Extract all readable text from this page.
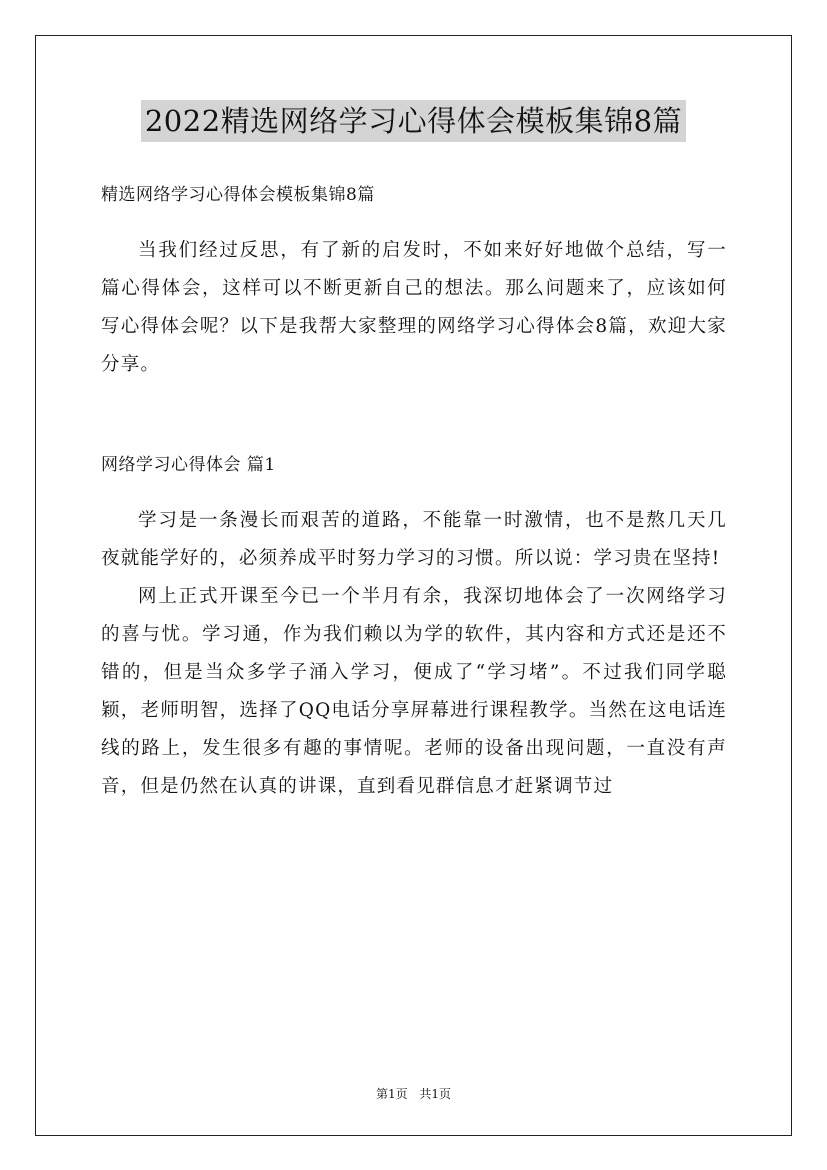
2022精选网络学习心得体会模板集锦8篇

精选网络学习心得体会模板集锦8篇

当我们经过反思，有了新的启发时，不如来好好地做个总结，写一篇心得体会，这样可以不断更新自己的想法。那么问题来了，应该如何写心得体会呢？以下是我帮大家整理的网络学习心得体会8篇，欢迎大家分享。

网络学习心得体会 篇1

学习是一条漫长而艰苦的道路，不能靠一时激情，也不是熬几天几夜就能学好的，必须养成平时努力学习的习惯。所以说：学习贵在坚持!

网上正式开课至今已一个半月有余，我深切地体会了一次网络学习的喜与忧。学习通，作为我们赖以为学的软件，其内容和方式还是还不错的，但是当众多学子涌入学习，便成了“学习堵”。不过我们同学聪颖，老师明智，选择了QQ电话分享屏幕进行课程教学。当然在这电话连线的路上，发生很多有趣的事情呢。老师的设备出现问题，一直没有声音，但是仍然在认真的讲课，直到看见群信息才赶紧调节过

第1页 共1页
